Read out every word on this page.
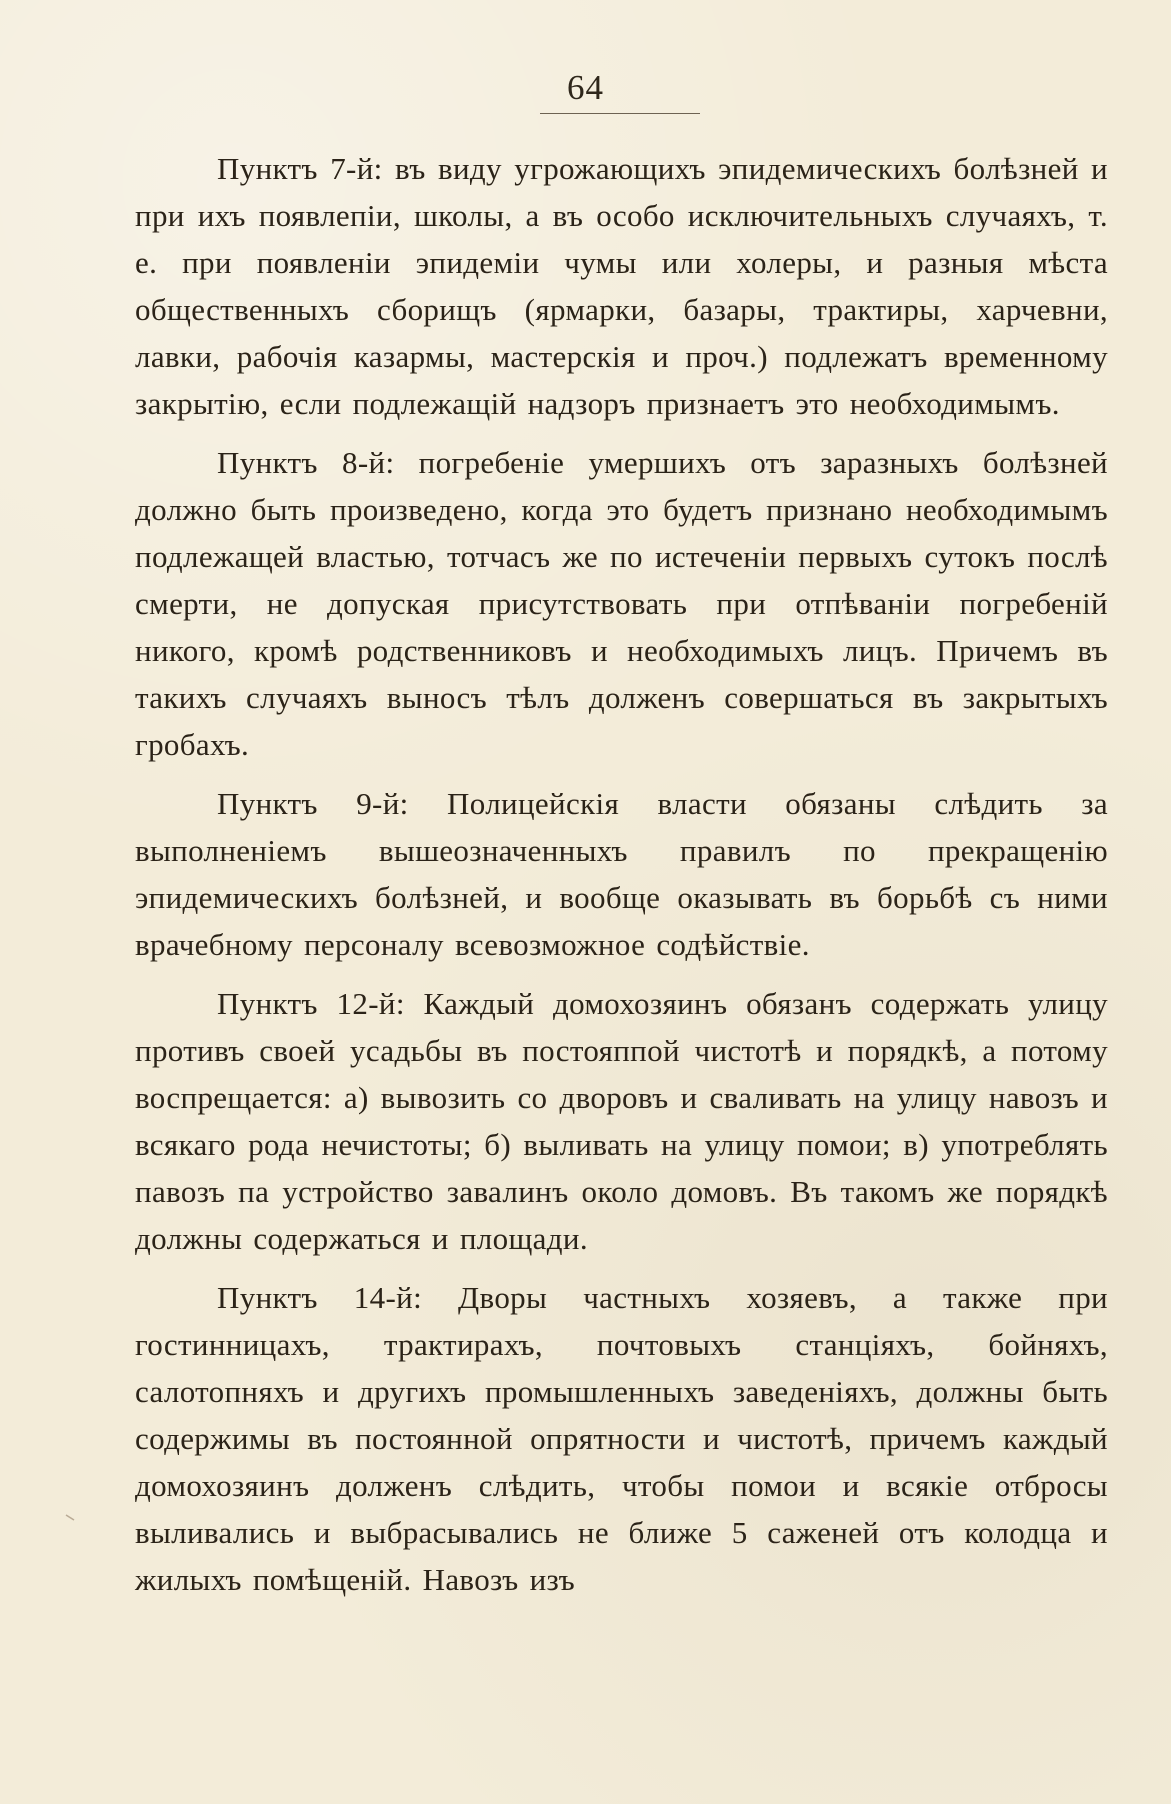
64

Пунктъ 7-й: въ виду угрожающихъ эпидемическихъ болѣзней и при ихъ появлепiи, школы, а въ особо исключительныхъ случаяхъ, т. е. при появленiи эпидемiи чумы или холеры, и разныя мѣста общественныхъ сборищъ (ярмарки, базары, трактиры, харчевни, лавки, рабочiя казармы, мастерскiя и проч.) подлежатъ временному закрытiю, если подлежащiй надзоръ признаетъ это необходимымъ.

Пунктъ 8-й: погребенiе умершихъ отъ заразныхъ болѣзней должно быть произведено, когда это будетъ признано необходимымъ подлежащей властью, тотчасъ же по истеченiи первыхъ сутокъ послѣ смерти, не допуская присутствовать при отпѣванiи погребенiй никого, кромѣ родственниковъ и необходимыхъ лицъ. Причемъ въ такихъ случаяхъ выносъ тѣлъ долженъ совершаться въ закрытыхъ гробахъ.

Пунктъ 9-й: Полицейскiя власти обязаны слѣдить за выполненiемъ вышеозначенныхъ правилъ по прекращенiю эпидемическихъ болѣзней, и вообще оказывать въ борьбѣ съ ними врачебному персоналу всевозможное содѣйствiе.

Пунктъ 12-й: Каждый домохозяинъ обязанъ содержать улицу противъ своей усадьбы въ постояппой чистотѣ и порядкѣ, а потому воспрещается: а) вывозить со дворовъ и сваливать на улицу навозъ и всякаго рода нечистоты; б) выливать на улицу помои; в) употреблять павозъ па устройство завалинъ около домовъ. Въ такомъ же порядкѣ должны содержаться и площади.

Пунктъ 14-й: Дворы частныхъ хозяевъ, а также при гостинницахъ, трактирахъ, почтовыхъ станцiяхъ, бойняхъ, салотопняхъ и другихъ промышленныхъ заведенiяхъ, должны быть содержимы въ постоянной опрятности и чистотѣ, причемъ каждый домохозяинъ долженъ слѣдить, чтобы помои и всякiе отбросы выливались и выбрасывались не ближе 5 саженей отъ колодца и жилыхъ помѣщенiй. Навозъ изъ
